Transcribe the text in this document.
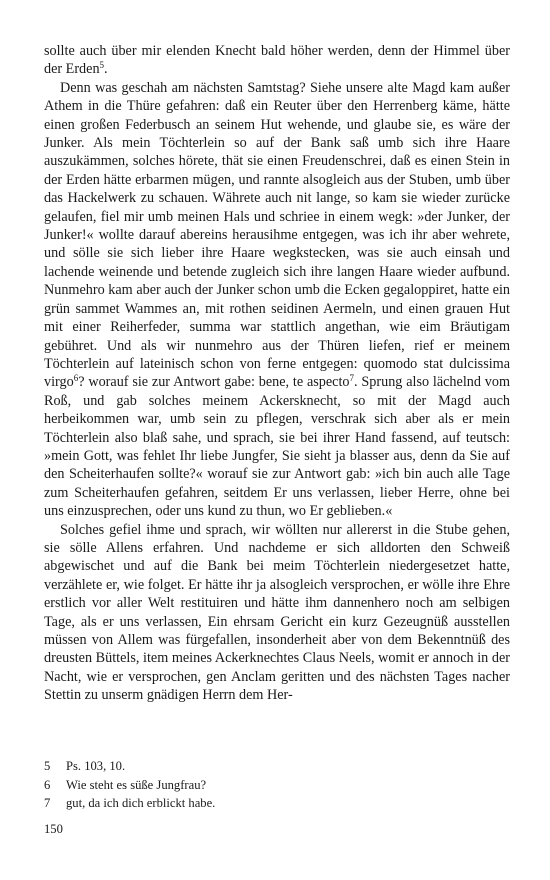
sollte auch über mir elenden Knecht bald höher werden, denn der Himmel über der Erden$^5$.

Denn was geschah am nächsten Samtstag? Siehe unsere alte Magd kam außer Athem in die Thüre gefahren: daß ein Reuter über den Herrenberg käme, hätte einen großen Federbusch an seinem Hut wehende, und glaube sie, es wäre der Junker. Als mein Töchterlein so auf der Bank saß umb sich ihre Haare auszukämmen, solches hörete, thät sie einen Freudenschrei, daß es einen Stein in der Erden hätte erbarmen mügen, und rannte alsogleich aus der Stuben, umb über das Hackelwerk zu schauen. Währete auch nit lange, so kam sie wieder zurücke gelaufen, fiel mir umb meinen Hals und schriee in einem wegk: »der Junker, der Junker!« wollte darauf abereins herausihme entgegen, was ich ihr aber wehrete, und sölle sie sich lieber ihre Haare wegkstecken, was sie auch einsah und lachende weinende und betende zugleich sich ihre langen Haare wieder aufbund. Nunmehro kam aber auch der Junker schon umb die Ecken gegaloppiret, hatte ein grün sammet Wammes an, mit rothen seidinen Aermeln, und einen grauen Hut mit einer Reiherfeder, summa war stattlich angethan, wie eim Bräutigam gebühret. Und als wir nunmehro aus der Thüren liefen, rief er meinem Töchterlein auf lateinisch schon von ferne entgegen: quomodo stat dulcissima virgo$^6$? worauf sie zur Antwort gabe: bene, te aspecto$^7$. Sprung also lächelnd vom Roß, und gab solches meinem Ackersknecht, so mit der Magd auch herbeikommen war, umb sein zu pflegen, verschrak sich aber als er mein Töchterlein also blaß sahe, und sprach, sie bei ihrer Hand fassend, auf teutsch: »mein Gott, was fehlet Ihr liebe Jungfer, Sie sieht ja blasser aus, denn da Sie auf den Scheiterhaufen sollte?« worauf sie zur Antwort gab: »ich bin auch alle Tage zum Scheiterhaufen gefahren, seitdem Er uns verlassen, lieber Herre, ohne bei uns einzusprechen, oder uns kund zu thun, wo Er geblieben.«

Solches gefiel ihme und sprach, wir wöllten nur allererst in die Stube gehen, sie sölle Allens erfahren. Und nachdeme er sich alldorten den Schweiß abgewischet und auf die Bank bei meim Töchterlein niedergesetzet hatte, verzählete er, wie folget. Er hätte ihr ja alsogleich versprochen, er wölle ihre Ehre erstlich vor aller Welt restituiren und hätte ihm dannenhero noch am selbigen Tage, als er uns verlassen, Ein ehrsam Gericht ein kurz Gezeugnüß ausstellen müssen von Allem was fürgefallen, insonderheit aber von dem Bekenntnüß des dreusten Büttels, item meines Ackerknechtes Claus Neels, womit er annoch in der Nacht, wie er versprochen, gen Anclam geritten und des nächsten Tages nacher Stettin zu unserm gnädigen Herrn dem Her-

5	Ps. 103, 10.
6	Wie steht es süße Jungfrau?
7	gut, da ich dich erblickt habe.
150
